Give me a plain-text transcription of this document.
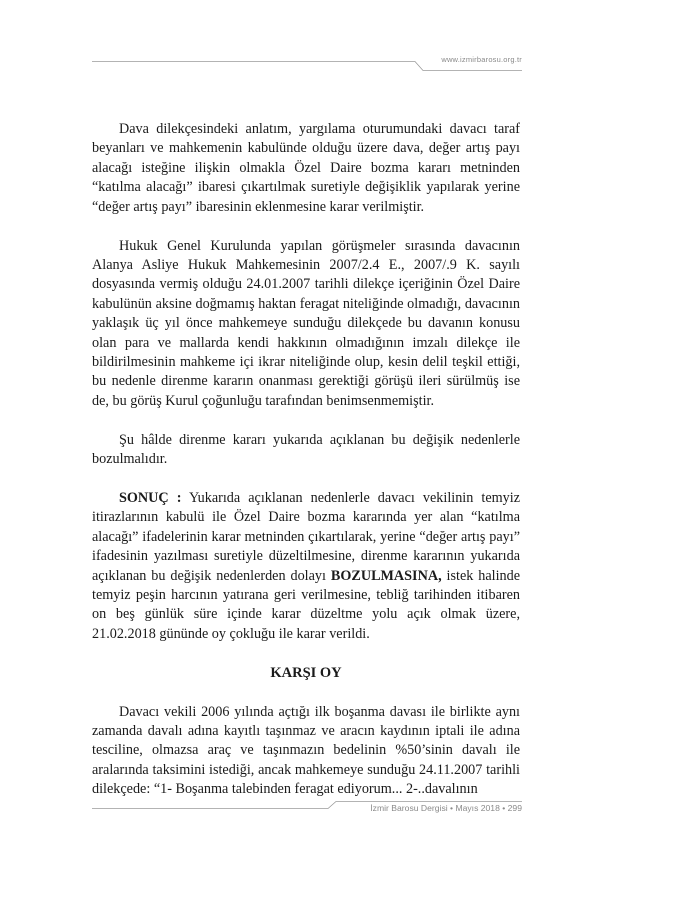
www.izmirbarosu.org.tr

Dava dilekçesindeki anlatım, yargılama oturumundaki davacı taraf beyanları ve mahkemenin kabulünde olduğu üzere dava, değer artış payı alacağı isteğine ilişkin olmakla Özel Daire bozma kararı metninden “katılma alacağı” ibaresi çıkartılmak suretiyle değişiklik yapılarak yerine “değer artış payı” ibaresinin eklenmesine karar verilmiştir.

Hukuk Genel Kurulunda yapılan görüşmeler sırasında davacının Alanya Asliye Hukuk Mahkemesinin 2007/2.4 E., 2007/.9 K. sayılı dosyasında vermiş olduğu 24.01.2007 tarihli dilekçe içeriğinin Özel Daire kabulünün aksine doğmamış haktan feragat niteliğinde olmadığı, davacının yaklaşık üç yıl önce mahkemeye sunduğu dilekçede bu davanın konusu olan para ve mallarda kendi hakkının olmadığının imzalı dilekçe ile bildirilmesinin mahkeme içi ikrar niteliğinde olup, kesin delil teşkil ettiği, bu nedenle direnme kararın onanması gerektiği görüşü ileri sürülmüş ise de, bu görüş Kurul çoğunluğu tarafından benimsenmemiştir.

Şu hâlde direnme kararı yukarıda açıklanan bu değişik nedenlerle bozulmalıdır.

SONUÇ : Yukarıda açıklanan nedenlerle davacı vekilinin temyiz itirazlarının kabulü ile Özel Daire bozma kararında yer alan “katılma alacağı” ifadelerinin karar metninden çıkartılarak, yerine “değer artış payı” ifadesinin yazılması suretiyle düzeltilmesine, direnme kararının yukarıda açıklanan bu değişik nedenlerden dolayı BOZULMASINA, istek halinde temyiz peşin harcının yatırana geri verilmesine, tebliğ tarihinden itibaren on beş günlük süre içinde karar düzeltme yolu açık olmak üzere, 21.02.2018 gününde oy çokluğu ile karar verildi.

KARŞI OY

Davacı vekili 2006 yılında açtığı ilk boşanma davası ile birlikte aynı zamanda davalı adına kayıtlı taşınmaz ve aracın kaydının iptali ile adına tesciline, olmazsa araç ve taşınmazın bedelinin %50’sinin davalı ile aralarında taksimini istediği, ancak mahkemeye sunduğu 24.11.2007 tarihli dilekçede: “1- Boşanma talebinden feragat ediyorum... 2-..davalının

İzmir Barosu Dergisi • Mayıs 2018 • 299
